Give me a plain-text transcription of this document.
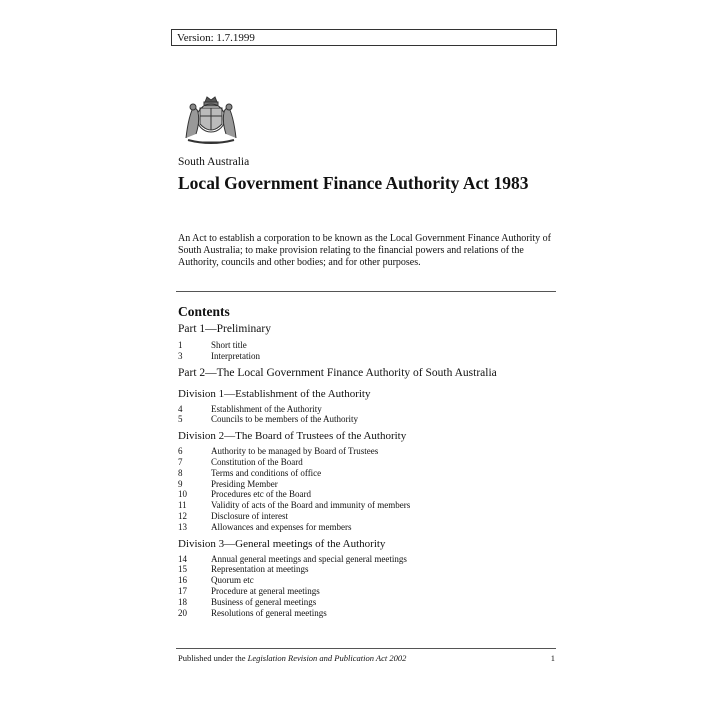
Version: 1.7.1999
South Australia
Local Government Finance Authority Act 1983

An Act to establish a corporation to be known as the Local Government Finance Authority of South Australia; to make provision relating to the financial powers and relations of the Authority, councils and other bodies; and for other purposes.

Contents

Part 1—Preliminary

1	Short title
3	Interpretation

Part 2—The Local Government Finance Authority of South Australia

Division 1—Establishment of the Authority

4	Establishment of the Authority
5	Councils to be members of the Authority

Division 2—The Board of Trustees of the Authority

6	Authority to be managed by Board of Trustees
7	Constitution of the Board
8	Terms and conditions of office
9	Presiding Member
10	Procedures etc of the Board
11	Validity of acts of the Board and immunity of members
12	Disclosure of interest
13	Allowances and expenses for members

Division 3—General meetings of the Authority

14	Annual general meetings and special general meetings
15	Representation at meetings
16	Quorum etc
17	Procedure at general meetings
18	Business of general meetings
20	Resolutions of general meetings
Published under the Legislation Revision and Publication Act 2002	1
